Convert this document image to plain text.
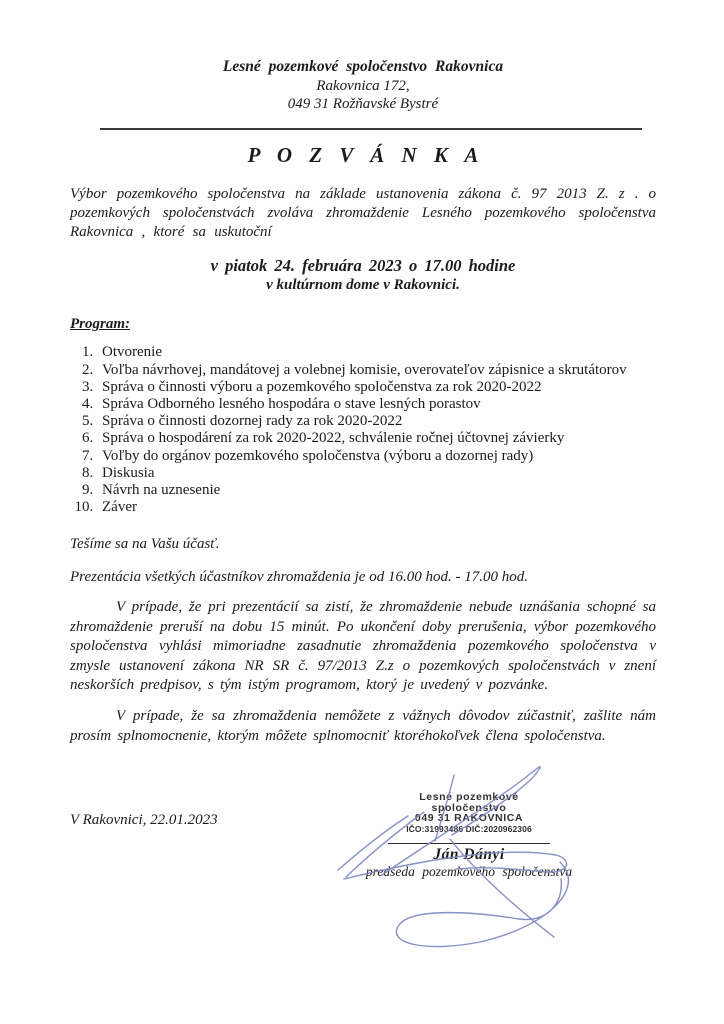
Lesné pozemkové spoločenstvo Rakovnica
Rakovnica 172,
049 31 Rožňavské Bystré
P O Z V Á N K A

Výbor pozemkového spoločenstva na základe ustanovenia zákona č. 97 2013 Z. z . o pozemkových spoločenstvách zvoláva zhromaždenie Lesného pozemkového spoločenstva Rakovnica , ktoré sa uskutoční

v piatok 24. februára 2023 o 17.00 hodine
v kultúrnom dome v Rakovnici.
Program:
1. Otvorenie
2. Voľba návrhovej, mandátovej a volebnej komisie, overovateľov zápisnice a skrutátorov
3. Správa o činnosti výboru a pozemkového spoločenstva za rok 2020-2022
4. Správa Odborného lesného hospodára o stave lesných porastov
5. Správa o činnosti dozornej rady za rok 2020-2022
6. Správa o hospodárení za rok 2020-2022, schválenie ročnej účtovnej závierky
7. Voľby do orgánov pozemkového spoločenstva (výboru a dozornej rady)
8. Diskusia
9. Návrh na uznesenie
10. Záver

Tešíme sa na Vašu účasť.

Prezentácia všetkých účastníkov zhromaždenia je od 16.00 hod. - 17.00 hod.

V prípade, že pri prezentácií sa zistí, že zhromaždenie nebude uznášania schopné sa zhromaždenie preruší na dobu 15 minút. Po ukončení doby prerušenia, výbor pozemkového spoločenstva vyhlási mimoriadne zasadnutie zhromaždenia pozemkového spoločenstva v zmysle ustanovení zákona NR SR č. 97/2013 Z.z o pozemkových spoločenstvách v znení neskorších predpisov, s tým istým programom, ktorý je uvedený v pozvánke.

V prípade, že sa zhromaždenia nemôžete z vážnych dôvodov zúčastniť, zašlite nám prosím splnomocnenie, ktorým môžete splnomocniť ktoréhokoľvek člena spoločenstva.

V Rakovnici, 22.01.2023
Lesné pozemkové
spoločenstvo
049 31 RAKOVNICA
IČO:31993486 DIČ:2020962306
Ján Dányi
predseda pozemkového spoločenstva
